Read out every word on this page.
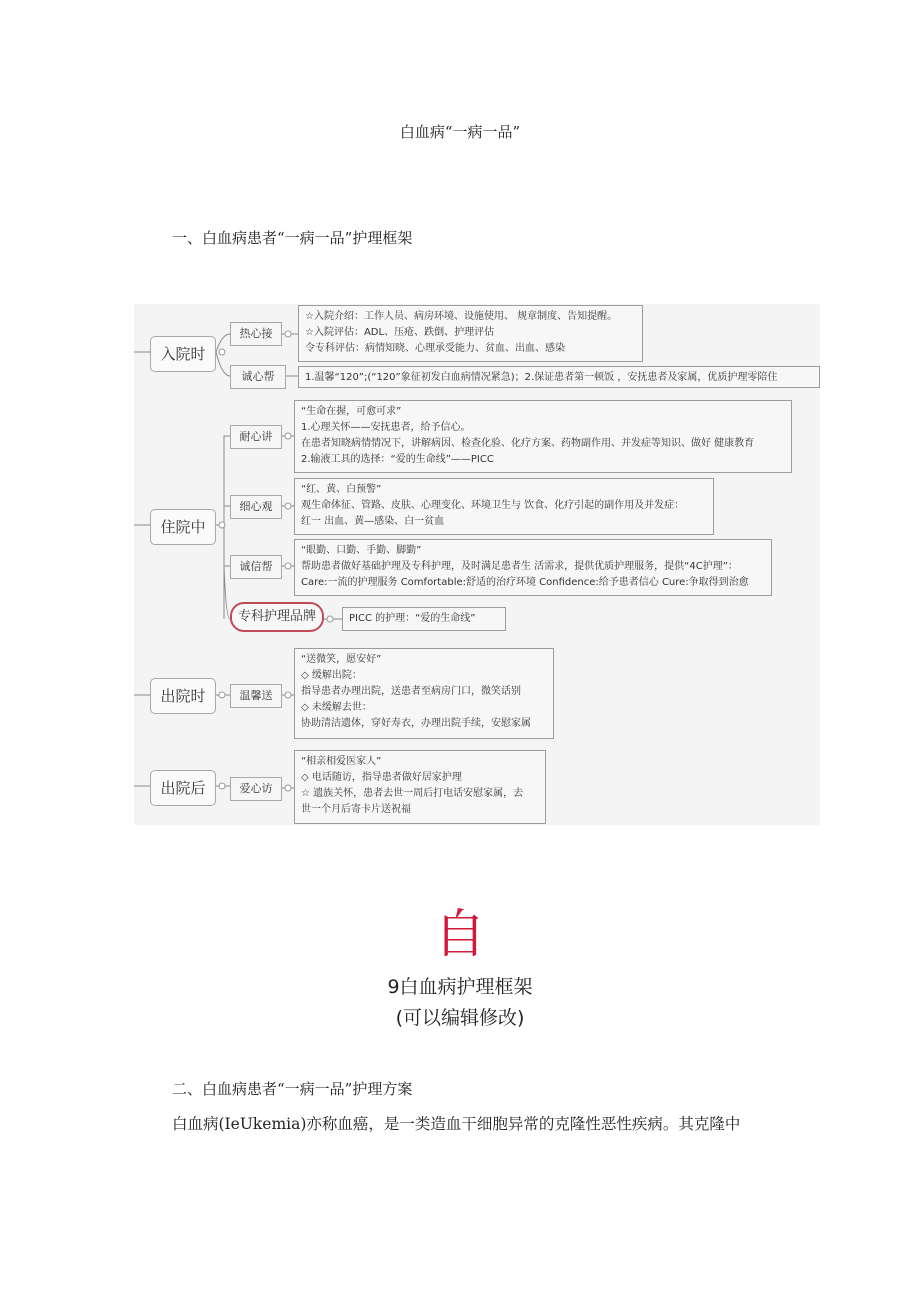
白血病“一病一品”
一、白血病患者“一病一品”护理框架
入院时
住院中
出院时
出院后
热心接
诚心帮
耐心讲
细心观
诚信帮
专科护理品牌
温馨送
爱心访
☆入院介绍：工作人员、病房环境、设施使用、 规章制度、告知提醒。
☆入院评估：ADL、压疮、跌倒、护理评估
令专科评估：病情知晓、心理承受能力、贫血、出血、感染
1.温馨“120”;(“120”象征初发白血病情况紧急)；2.保证患者第一顿饭 ，安抚患者及家属，优质护理零陪住
“生命在握，可愈可求”
1.心理关怀——安抚患者，给予信心。
在患者知晓病情情况下，讲解病因、检查化验、化疗方案、药物副作用、并发症等知识、做好 健康教育
2.输液工具的选择：“爱的生命线”——PICC
“红、黄、白预警”
观生命体征、管路、皮肤、心理变化、环境卫生与 饮食、化疗引起的副作用及并发症：
红一 出血、黄—感染、白一贫血
“眼勤、口勤、手勤、脚勤”
帮助患者做好基础护理及专科护理，及时满足患者生 活需求，提供优质护理服务，提供“4C护理”：
Care:一流的护理服务 Comfortable:舒适的治疗环境 Confidence:给予患者信心 Cure:争取得到治愈
PICC 的护理：“爱的生命线”
“送微笑，愿安好”
◇ 缓解出院：
指导患者办理出院，送患者至病房门口，微笑话别
◇ 未缓解去世：
协助清洁遗体，穿好寿衣，办理出院手续，安慰家属
“相亲相爱医家人”
◇ 电话随访，指导患者做好居家护理
☆ 遗族关怀，患者去世一周后打电话安慰家属，去
世一个月后寄卡片送祝福
自
9白血病护理框架
(可以编辑修改)
二、白血病患者“一病一品”护理方案
白血病(IeUkemia)亦称血癌，是一类造血干细胞异常的克隆性恶性疾病。其克隆中
